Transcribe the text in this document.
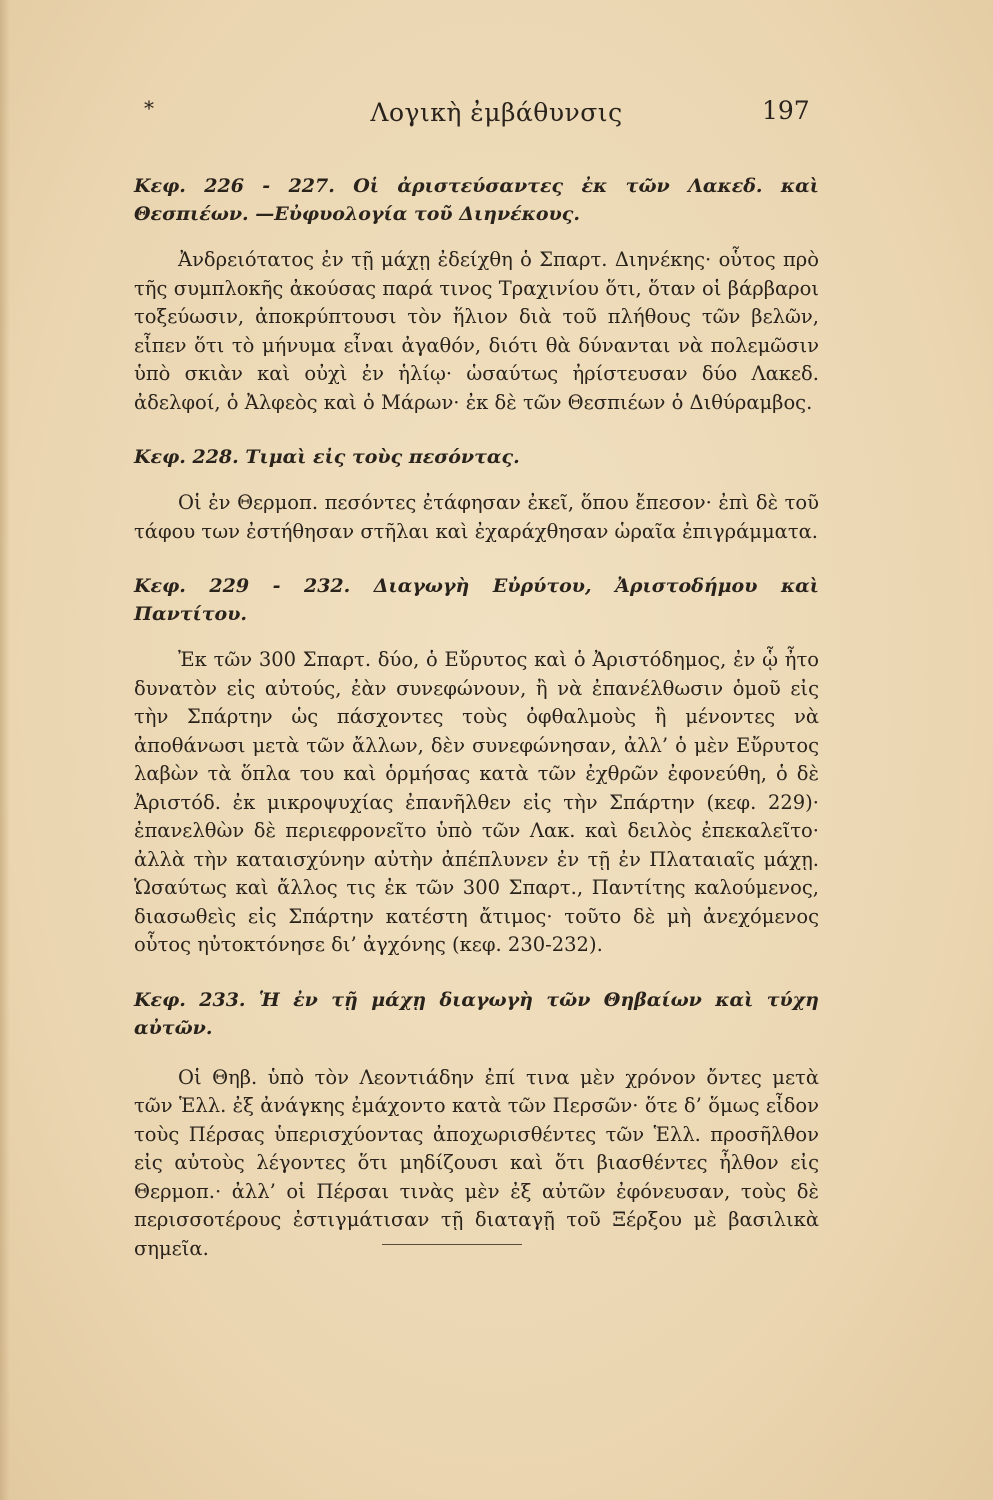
*	Λογικὴ ἐμβάθυνσις	197

Κεφ. 226 - 227. Οἱ ἀριστεύσαντες ἐκ τῶν Λακεδ. καὶ Θεσπιέων. —Εὐφυολογία τοῦ Διηνέκους.

Ἀνδρειότατος ἐν τῇ μάχῃ ἐδείχθη ὁ Σπαρτ. Διηνέκης· οὗτος πρὸ τῆς συμπλοκῆς ἀκούσας παρά τινος Τραχινίου ὅτι, ὅταν οἱ βάρβαροι τοξεύωσιν, ἀποκρύπτουσι τὸν ἥλιον διὰ τοῦ πλήθους τῶν βελῶν, εἶπεν ὅτι τὸ μήνυμα εἶναι ἀγαθόν, διότι θὰ δύνανται νὰ πολεμῶσιν ὑπὸ σκιὰν καὶ οὐχὶ ἐν ἡλίῳ· ὡσαύτως ἠρίστευσαν δύο Λακεδ. ἀδελφοί, ὁ Ἀλφεὸς καὶ ὁ Μάρων· ἐκ δὲ τῶν Θεσπιέων ὁ Διθύραμβος.

Κεφ. 228. Τιμαὶ εἰς τοὺς πεσόντας.

Οἱ ἐν Θερμοπ. πεσόντες ἐτάφησαν ἐκεῖ, ὅπου ἔπεσον· ἐπὶ δὲ τοῦ τάφου των ἐστήθησαν στῆλαι καὶ ἐχαράχθησαν ὡραῖα ἐπιγράμματα.

Κεφ. 229 - 232. Διαγωγὴ Εὐρύτου, Ἀριστοδήμου καὶ Παντίτου.

Ἐκ τῶν 300 Σπαρτ. δύο, ὁ Εὔρυτος καὶ ὁ Ἀριστόδημος, ἐν ᾧ ἦτο δυνατὸν εἰς αὐτούς, ἐὰν συνεφώνουν, ἢ νὰ ἐπανέλθωσιν ὁμοῦ εἰς τὴν Σπάρτην ὡς πάσχοντες τοὺς ὀφθαλμοὺς ἢ μένοντες νὰ ἀποθάνωσι μετὰ τῶν ἄλλων, δὲν συνεφώνησαν, ἀλλ’ ὁ μὲν Εὔρυτος λαβὼν τὰ ὅπλα του καὶ ὁρμήσας κατὰ τῶν ἐχθρῶν ἐφονεύθη, ὁ δὲ Ἀριστόδ. ἐκ μικροψυχίας ἐπανῆλθεν εἰς τὴν Σπάρτην (κεφ. 229)· ἐπανελθὼν δὲ περιεφρονεῖτο ὑπὸ τῶν Λακ. καὶ δειλὸς ἐπεκαλεῖτο· ἀλλὰ τὴν καταισχύνην αὐτὴν ἀπέπλυνεν ἐν τῇ ἐν Πλαταιαῖς μάχῃ. Ὡσαύτως καὶ ἄλλος τις ἐκ τῶν 300 Σπαρτ., Παντίτης καλούμενος, διασωθεὶς εἰς Σπάρτην κατέστη ἄτιμος· τοῦτο δὲ μὴ ἀνεχόμενος οὗτος ηὐτοκτόνησε δι’ ἀγχόνης (κεφ. 230-232).

Κεφ. 233. Ἡ ἐν τῇ μάχῃ διαγωγὴ τῶν Θηβαίων καὶ τύχη αὐτῶν.

Οἱ Θηβ. ὑπὸ τὸν Λεοντιάδην ἐπί τινα μὲν χρόνον ὄντες μετὰ τῶν Ἑλλ. ἐξ ἀνάγκης ἐμάχοντο κατὰ τῶν Περσῶν· ὅτε δ’ ὅμως εἶδον τοὺς Πέρσας ὑπερισχύοντας ἀποχωρισθέντες τῶν Ἑλλ. προσῆλθον εἰς αὐτοὺς λέγοντες ὅτι μηδίζουσι καὶ ὅτι βιασθέντες ἦλθον εἰς Θερμοπ.· ἀλλ’ οἱ Πέρσαι τινὰς μὲν ἐξ αὐτῶν ἐφόνευσαν, τοὺς δὲ περισσοτέρους ἐστιγμάτισαν τῇ διαταγῇ τοῦ Ξέρξου μὲ βασιλικὰ σημεῖα.
